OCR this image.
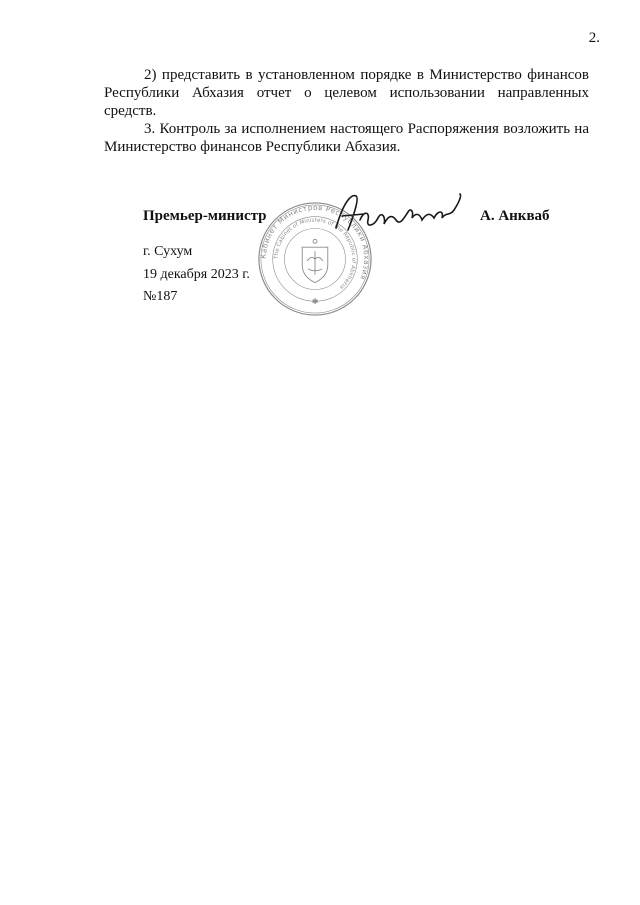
2.

2) представить в установленном порядке в Министерство финансов Республики Абхазия отчет о целевом использовании направленных средств.

3. Контроль за исполнением настоящего Распоряжения возложить на Министерство финансов Республики Абхазия.

Премьер-министр	А. Анкваб
Кабинет Министров Республики Абхазия
The Cabinet of Ministers of the Republic of Abkhazia
✱
г. Сухум
19 декабря 2023 г.
№187
